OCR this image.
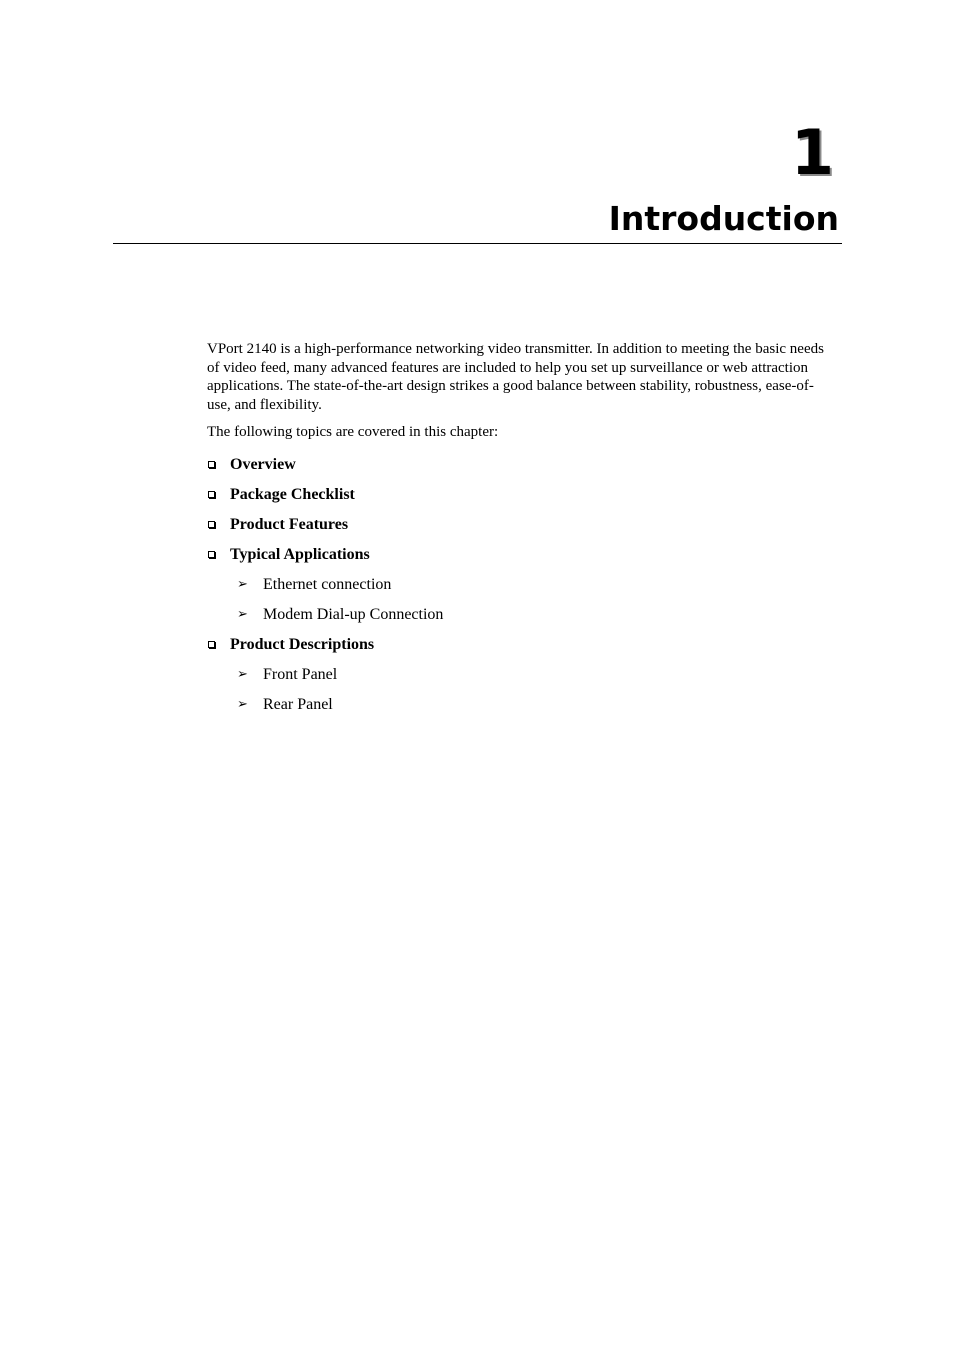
1
Introduction

VPort 2140 is a high-performance networking video transmitter. In addition to meeting the basic needs of video feed, many advanced features are included to help you set up surveillance or web attraction applications. The state-of-the-art design strikes a good balance between stability, robustness, ease-of-use, and flexibility.

The following topics are covered in this chapter:

Overview
Package Checklist
Product Features
Typical Applications
➢ Ethernet connection
➢ Modem Dial-up Connection
Product Descriptions
➢ Front Panel
➢ Rear Panel
